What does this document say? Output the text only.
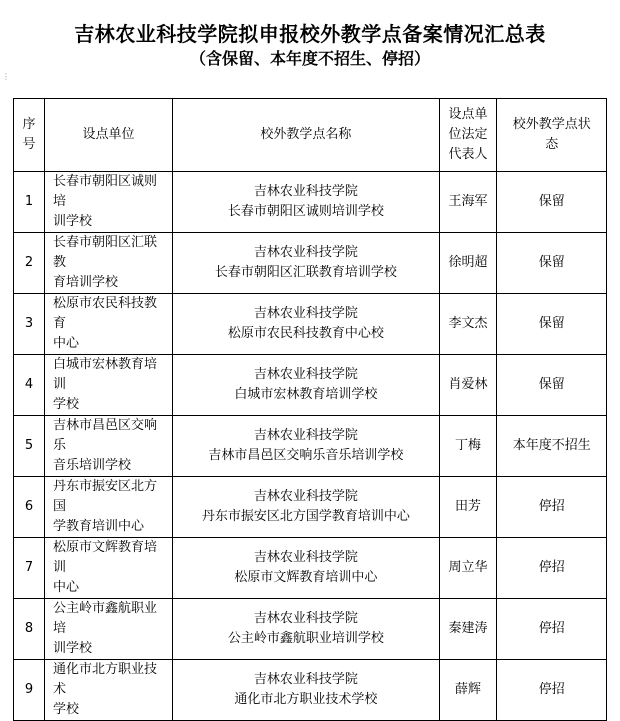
吉林农业科技学院拟申报校外教学点备案情况汇总表
（含保留、本年度不招生、停招）
⋮
序
号	设点单位	校外教学点名称	设点单
位法定
代表人	校外教学点状
态

1	长春市朝阳区诚则培
训学校	吉林农业科技学院
长春市朝阳区诚则培训学校	王海军	保留
2	长春市朝阳区汇联教
育培训学校	吉林农业科技学院
长春市朝阳区汇联教育培训学校	徐明超	保留
3	松原市农民科技教育
中心	吉林农业科技学院
松原市农民科技教育中心校	李文杰	保留
4	白城市宏林教育培训
学校	吉林农业科技学院
白城市宏林教育培训学校	肖爱林	保留
5	吉林市昌邑区交响乐
音乐培训学校	吉林农业科技学院
吉林市昌邑区交响乐音乐培训学校	丁梅	本年度不招生
6	丹东市振安区北方国
学教育培训中心	吉林农业科技学院
丹东市振安区北方国学教育培训中心	田芳	停招
7	松原市文辉教育培训
中心	吉林农业科技学院
松原市文辉教育培训中心	周立华	停招
8	公主岭市鑫航职业培
训学校	吉林农业科技学院
公主岭市鑫航职业培训学校	秦建涛	停招
9	通化市北方职业技术
学校	吉林农业科技学院
通化市北方职业技术学校	薛辉	停招
